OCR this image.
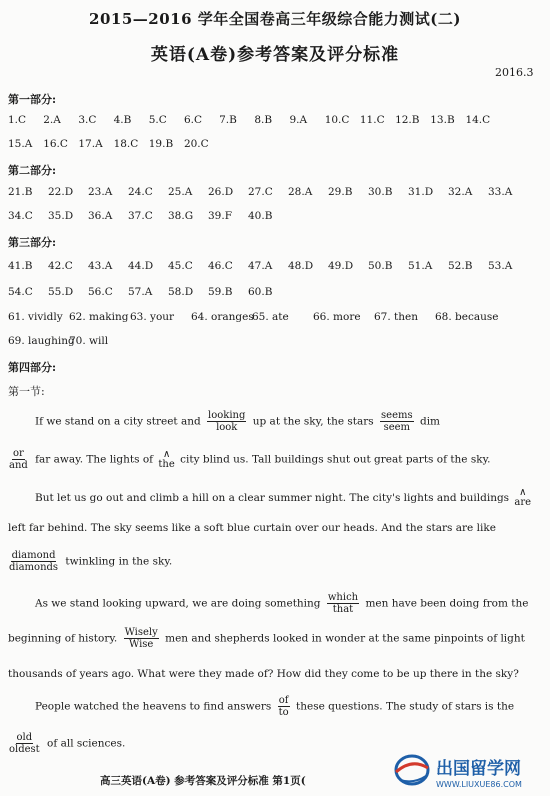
2015—2016 学年全国卷高三年级综合能力测试(二)
英语(A卷)参考答案及评分标准
2016.3
第一部分:
1.C	2.A	3.C	4.B	5.C	6.C	7.B	8.B	9.A	10.C 11.C 12.B	13.B	14.C
15.A	16.C 17.A	18.C 19.B	20.C
第二部分:
21.B	22.D	23.A	24.C	25.A	26.D	27.C	28.A	29.B	30.B	31.D	32.A	33.A
34.C	35.D	36.A	37.C	38.G	39.F	40.B
第三部分:
41.B	42.C	43.A	44.D	45.C	46.C	47.A	48.D	49.D	50.B	51.A	52.B	53.A
54.C	55.D	56.C	57.A	58.D	59.B	60.B
61. vividly 62. making 63. your	64. oranges
65. ate	66. more	67. then	68. because
69. laughing
70. will
第四部分:
第一节:
If we stand on a city street and $\frac{\text{looking}}{\text{look}}$ up at the sky, the stars $\frac{\text{seems}}{\text{seem}}$ dim
$\frac{or}{\text{and}}$ far away. The lights of ∧
the city blind us. Tall buildings shut out great parts of the sky.
But let us go out and climb a hill on a clear summer night. The city's lights and buildings ∧
are
left far behind. The sky seems like a soft blue curtain over our heads. And the stars are like
$\frac{\text{diamond}}{\text{diamonds}}$ twinkling in the sky.
As we stand looking upward, we are doing something $\frac{\text{which}}{\text{that}}$ men have been doing from the
beginning of history. $\frac{\text{Wisely}}{\text{Wise}}$ men and shepherds looked in wonder at the same pinpoints of light
thousands of years ago. What were they made of? How did they come to be up there in the sky?
People watched the heavens to find answers $\frac{of}{to}$ these questions. The study of stars is the
$\frac{\text{old}}{\text{oldest}}$ of all sciences.
高三英语(A卷) 参考答案及评分标准 第1页(
出国留学网
WWW.LIUXUE86.COM
